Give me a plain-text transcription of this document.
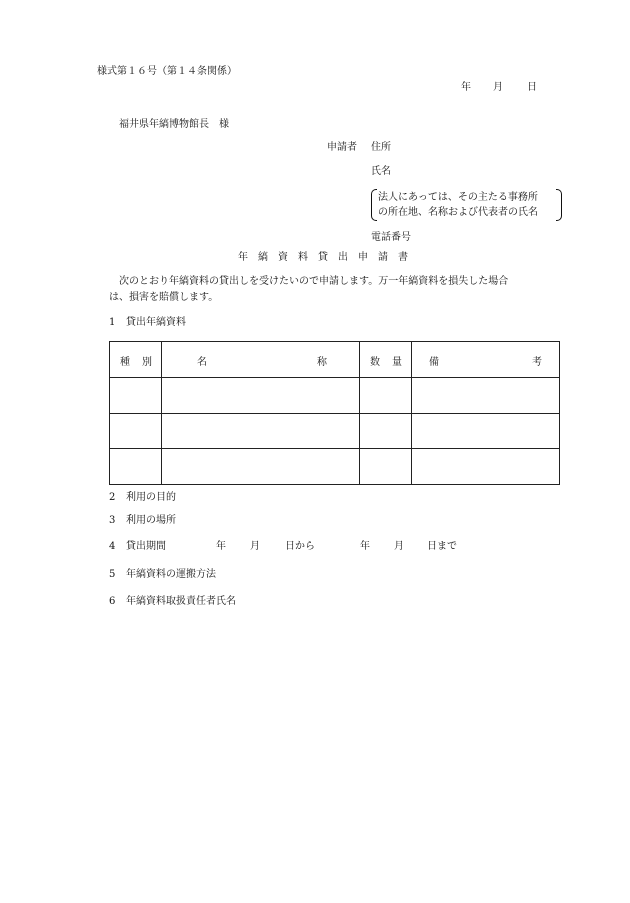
様式第１６号（第１４条関係）
年 月 日
福井県年縞博物館長　様
申請者 住所
氏名
法人にあっては、その主たる事務所
の所在地、名称および代表者の氏名
電話番号
年　縞　資　料　貸　出　申　請　書
次のとおり年縞資料の貸出しを受けたいので申請します。万一年縞資料を損失した場合
は、損害を賠償します。
1 貸出年縞資料
種 別	名 称	数 量	備 考

2 利用の目的
3 利用の場所
4 貸出期間	年 月	日から	年 月 日まで
5 年縞資料の運搬方法
6 年縞資料取扱責任者氏名
